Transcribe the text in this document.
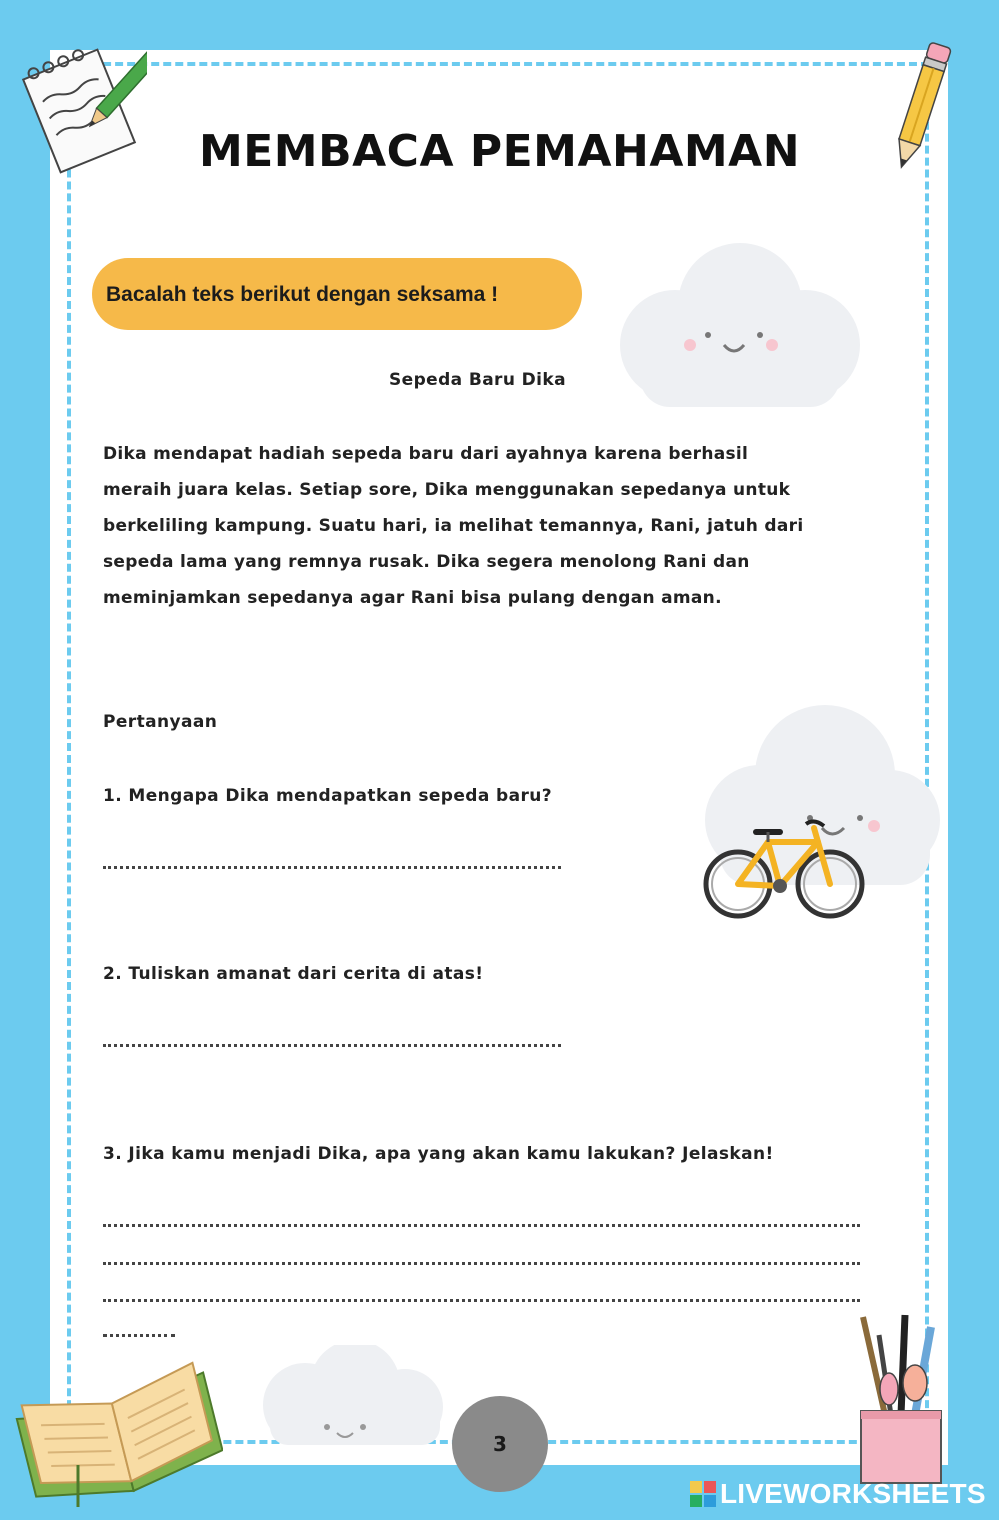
MEMBACA PEMAHAMAN
Bacalah teks berikut dengan seksama !
Sepeda Baru Dika
Dika mendapat hadiah sepeda baru dari ayahnya karena berhasil
meraih juara kelas. Setiap sore, Dika menggunakan sepedanya untuk
berkeliling kampung. Suatu hari, ia melihat temannya, Rani, jatuh dari
sepeda lama yang remnya rusak. Dika segera menolong Rani dan
meminjamkan sepedanya agar Rani bisa pulang dengan aman.
Pertanyaan
1. Mengapa Dika mendapatkan sepeda baru?
2. Tuliskan amanat dari cerita di atas!
3. Jika kamu menjadi Dika, apa yang akan kamu lakukan? Jelaskan!
3
LIVEWORKSHEETS
